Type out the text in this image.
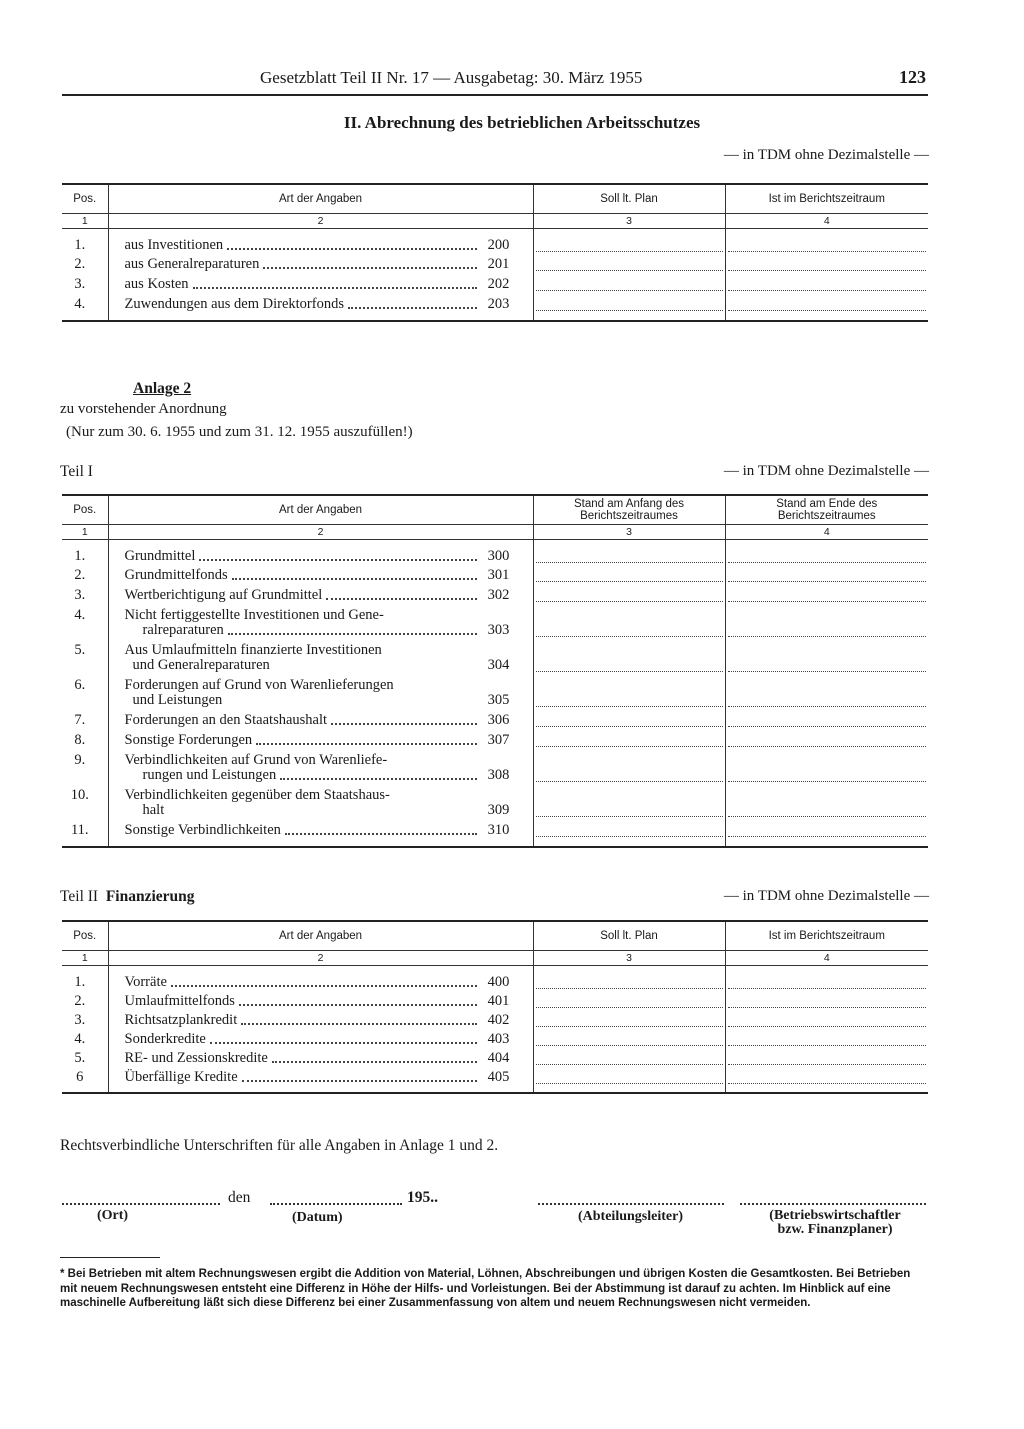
Gesetzblatt Teil II Nr. 17 — Ausgabetag: 30. März 1955	123
II. Abrechnung des betrieblichen Arbeitsschutzes
— in TDM ohne Dezimalstelle —
Pos.	Art der Angaben	Soll lt. Plan	Ist im Berichtszeitraum
1	2	3	4
1.	aus Investitionen 200		

2.	aus Generalreparaturen 201		

3.	aus Kosten 202		

4.	Zuwendungen aus dem Direktorfonds 203		

Anlage 2
zu vorstehender Anordnung
(Nur zum 30. 6. 1955 und zum 31. 12. 1955 auszufüllen!)
Teil I	— in TDM ohne Dezimalstelle —
Pos.	Art der Angaben	Stand am Anfang des Berichtszeitraumes	Stand am Ende des Berichtszeitraumes
1	2	3	4
1.	Grundmittel 300		

2.	Grundmittelfonds 301		

3.	Wertberichtigung auf Grundmittel 302		

4.	Nicht fertiggestellte Investitionen und Gene-
ralreparaturen 303		

5.	Aus Umlaufmitteln finanzierte Investitionen
und Generalreparaturen 304		

6.	Forderungen auf Grund von Warenlieferungen
und Leistungen 305		

7.	Forderungen an den Staatshaushalt 306		

8.	Sonstige Forderungen 307		

9.	Verbindlichkeiten auf Grund von Warenliefe-
rungen und Leistungen 308		

10.	Verbindlichkeiten gegenüber dem Staatshaus-
halt 309		

11.	Sonstige Verbindlichkeiten 310		

Teil II Finanzierung	— in TDM ohne Dezimalstelle —
Pos.	Art der Angaben	Soll lt. Plan	Ist im Berichtszeitraum
1	2	3	4
1.	Vorräte 400		

2.	Umlaufmittelfonds 401		

3.	Richtsatzplankredit 402		

4.	Sonderkredite 403		

5.	RE- und Zessionskredite 404		

6	Überfällige Kredite 405		

Rechtsverbindliche Unterschriften für alle Angaben in Anlage 1 und 2.
den	195..
(Ort)	(Datum)	(Abteilungsleiter)	(Betriebswirtschaftler bzw. Finanzplaner)
* Bei Betrieben mit altem Rechnungswesen ergibt die Addition von Material, Löhnen, Abschreibungen und übrigen Kosten die Gesamtkosten. Bei Betrieben mit neuem Rechnungswesen entsteht eine Differenz in Höhe der Hilfs- und Vorleistungen. Bei der Abstimmung ist darauf zu achten. Im Hinblick auf eine maschinelle Aufbereitung läßt sich diese Differenz bei einer Zusammenfassung von altem und neuem Rechnungswesen nicht vermeiden.
